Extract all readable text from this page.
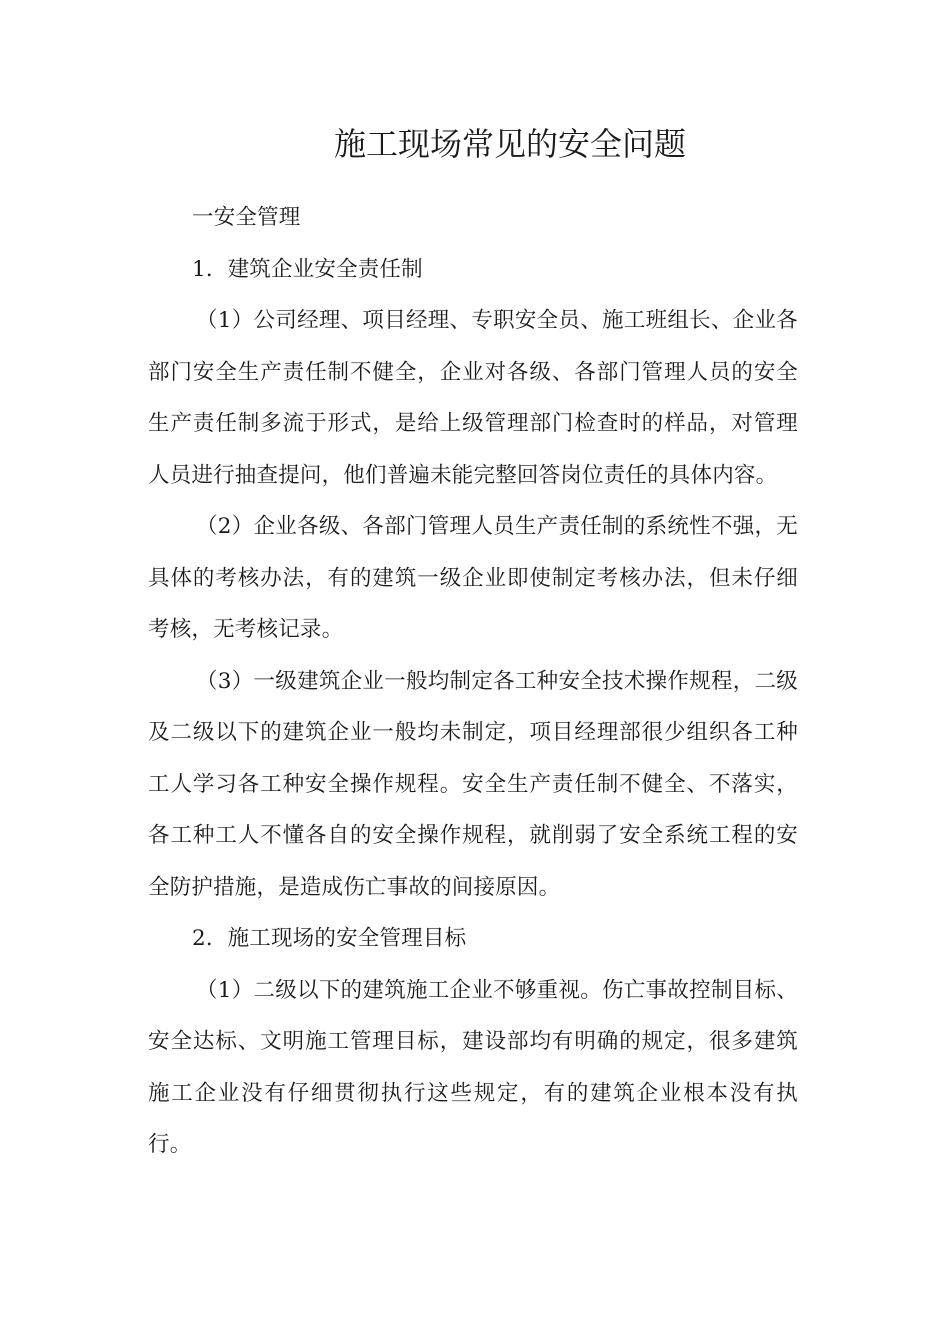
施工现场常见的安全问题

一安全管理

1．建筑企业安全责任制

（1）公司经理、项目经理、专职安全员、施工班组长、企业各部门安全生产责任制不健全，企业对各级、各部门管理人员的安全生产责任制多流于形式，是给上级管理部门检查时的样品，对管理人员进行抽查提问，他们普遍未能完整回答岗位责任的具体内容。

（2）企业各级、各部门管理人员生产责任制的系统性不强，无具体的考核办法，有的建筑一级企业即使制定考核办法，但未仔细考核，无考核记录。

（3）一级建筑企业一般均制定各工种安全技术操作规程，二级及二级以下的建筑企业一般均未制定，项目经理部很少组织各工种工人学习各工种安全操作规程。安全生产责任制不健全、不落实，各工种工人不懂各自的安全操作规程，就削弱了安全系统工程的安全防护措施，是造成伤亡事故的间接原因。

2．施工现场的安全管理目标

（1）二级以下的建筑施工企业不够重视。伤亡事故控制目标、安全达标、文明施工管理目标，建设部均有明确的规定，很多建筑施工企业没有仔细贯彻执行这些规定，有的建筑企业根本没有执行。
